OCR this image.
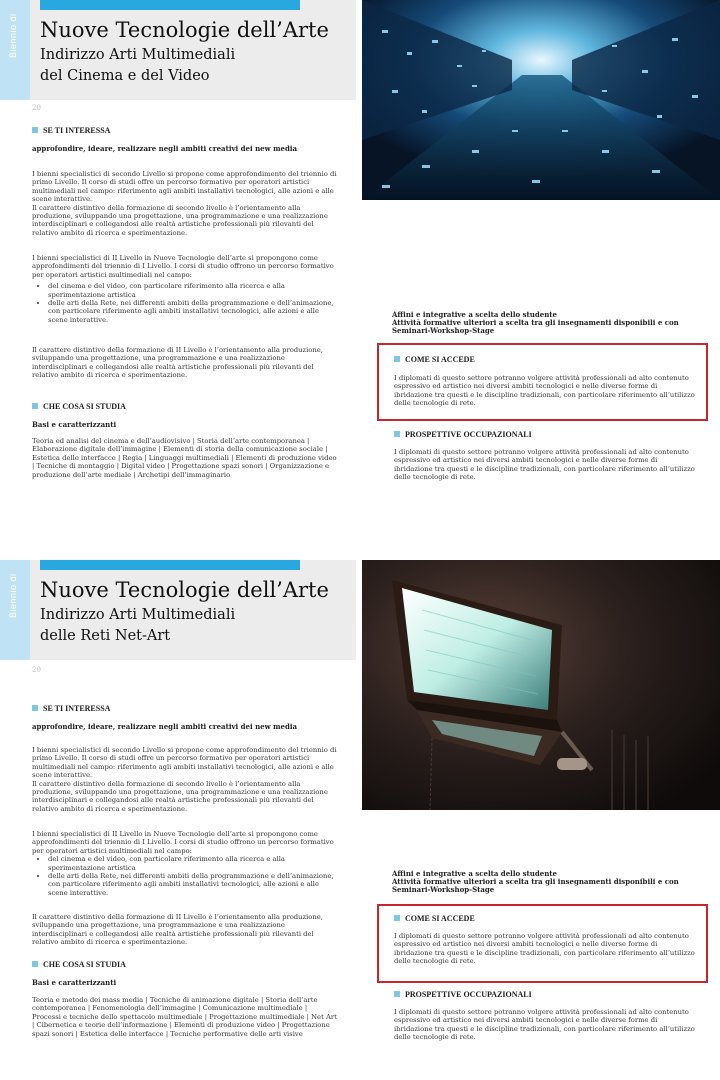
Biennio di Nuove Tecnologie dell’Arte
Indirizzo Arti Multimediali
del Cinema e del Video
20
SE TI INTERESSA
approfondire, ideare, realizzare negli ambiti creativi dei new media

I bienni specialistici di secondo Livello si propone come approfondimento del triennio di primo Livello. Il corso di studi offre un percorso formativo per operatori artistici multimediali nel campo: riferimento agli ambiti installativi tecnologici, alle azioni e alle scene interattive.

Il carattere distintivo della formazione di secondo livello è l’orientamento alla produzione, sviluppando una progettazione, una programmazione e una realizzazione interdisciplinari e collegandosi alle realtà artistiche professionali più rilevanti del relativo ambito di ricerca e sperimentazione.

I bienni specialistici di II Livello in Nuove Tecnologie dell’arte si propongono come approfondimenti del triennio di I Livello. I corsi di studio offrono un percorso formativo per operatori artistici multimediali nel campo:

• del cinema e del video, con particolare riferimento alla ricerca e alla sperimentazione artistica
• delle arti della Rete, nei differenti ambiti della programmazione e dell’animazione, con particolare riferimento agli ambiti installativi tecnologici, alle azioni e alle scene interattive.
Il carattere distintivo della formazione di II Livello è l’orientamento alla produzione, sviluppando una progettazione, una programmazione e una realizzazione interdisciplinari e collegandosi alle realtà artistiche professionali più rilevanti del relativo ambito di ricerca e sperimentazione.
CHE COSA SI STUDIA
Basi e caratterizzanti
Teoria ed analisi del cinema e dell’audiovisivo | Storia dell’arte contemporanea | Elaborazione digitale dell’immagine | Elementi di storia della comunicazione sociale | Estetica delle interfacce | Regia | Linguaggi multimediali | Elementi di produzione video | Tecniche di montaggio | Digital video | Progettazione spazi sonori | Organizzazione e produzione dell’arte mediale | Archetipi dell’immaginario
Affini e integrative a scelta dello studente
Attività formative ulteriori a scelta tra gli insegnamenti disponibili e con Seminari-Workshop-Stage
COME SI ACCEDE
I diplomati di questo settore potranno volgere attività professionali ad alto contenuto espressivo ed artistico nei diversi ambiti tecnologici e nelle diverse forme di ibridazione tra questi e le discipline tradizionali, con particolare riferimento all’utilizzo delle tecnologie di rete.
PROSPETTIVE OCCUPAZIONALI
I diplomati di questo settore potranno volgere attività professionali ad alto contenuto espressivo ed artistico nei diversi ambiti tecnologici e nelle diverse forme di ibridazione tra questi e le discipline tradizionali, con particolare riferimento all’utilizzo delle tecnologie di rete.
Biennio di Nuove Tecnologie dell’Arte
Indirizzo Arti Multimediali
delle Reti Net-Art
20
SE TI INTERESSA
approfondire, ideare, realizzare negli ambiti creativi dei new media

I bienni specialistici di secondo Livello si propone come approfondimento del triennio di primo Livello. Il corso di studi offre un percorso formativo per operatori artistici multimediali nel campo: riferimento agli ambiti installativi tecnologici, alle azioni e alle scene interattive.

Il carattere distintivo della formazione di secondo livello è l’orientamento alla produzione, sviluppando una progettazione, una programmazione e una realizzazione interdisciplinari e collegandosi alle realtà artistiche professionali più rilevanti del relativo ambito di ricerca e sperimentazione.

I bienni specialistici di II Livello in Nuove Tecnologie dell’arte si propongono come approfondimenti del triennio di I Livello. I corsi di studio offrono un percorso formativo per operatori artistici multimediali nel campo:

• del cinema e del video, con particolare riferimento alla ricerca e alla sperimentazione artistica
• delle arti della Rete, nei differenti ambiti della programmazione e dell’animazione, con particolare riferimento agli ambiti installativi tecnologici, alle azioni e alle scene interattive.
Il carattere distintivo della formazione di II Livello è l’orientamento alla produzione, sviluppando una progettazione, una programmazione e una realizzazione interdisciplinari e collegandosi alle realtà artistiche professionali più rilevanti del relativo ambito di ricerca e sperimentazione.
CHE COSA SI STUDIA
Basi e caratterizzanti
Teoria e metodo dei mass media | Tecniche di animazione digitale | Storia dell’arte contemporanea | Fenomenologia dell’immagine | Comunicazione multimediale | Processi e tecniche dello spettacolo multimediale | Progettazione multimediale | Net Art | Cibernetica e teorie dell’informazione | Elementi di produzione video | Progettazione spazi sonori | Estetica delle interfacce | Tecniche performative delle arti visive
Affini e integrative a scelta dello studente
Attività formative ulteriori a scelta tra gli insegnamenti disponibili e con Seminari-Workshop-Stage
COME SI ACCEDE
I diplomati di questo settore potranno volgere attività professionali ad alto contenuto espressivo ed artistico nei diversi ambiti tecnologici e nelle diverse forme di ibridazione tra questi e le discipline tradizionali, con particolare riferimento all’utilizzo delle tecnologie di rete.
PROSPETTIVE OCCUPAZIONALI
I diplomati di questo settore potranno volgere attività professionali ad alto contenuto espressivo ed artistico nei diversi ambiti tecnologici e nelle diverse forme di ibridazione tra questi e le discipline tradizionali, con particolare riferimento all’utilizzo delle tecnologie di rete.
